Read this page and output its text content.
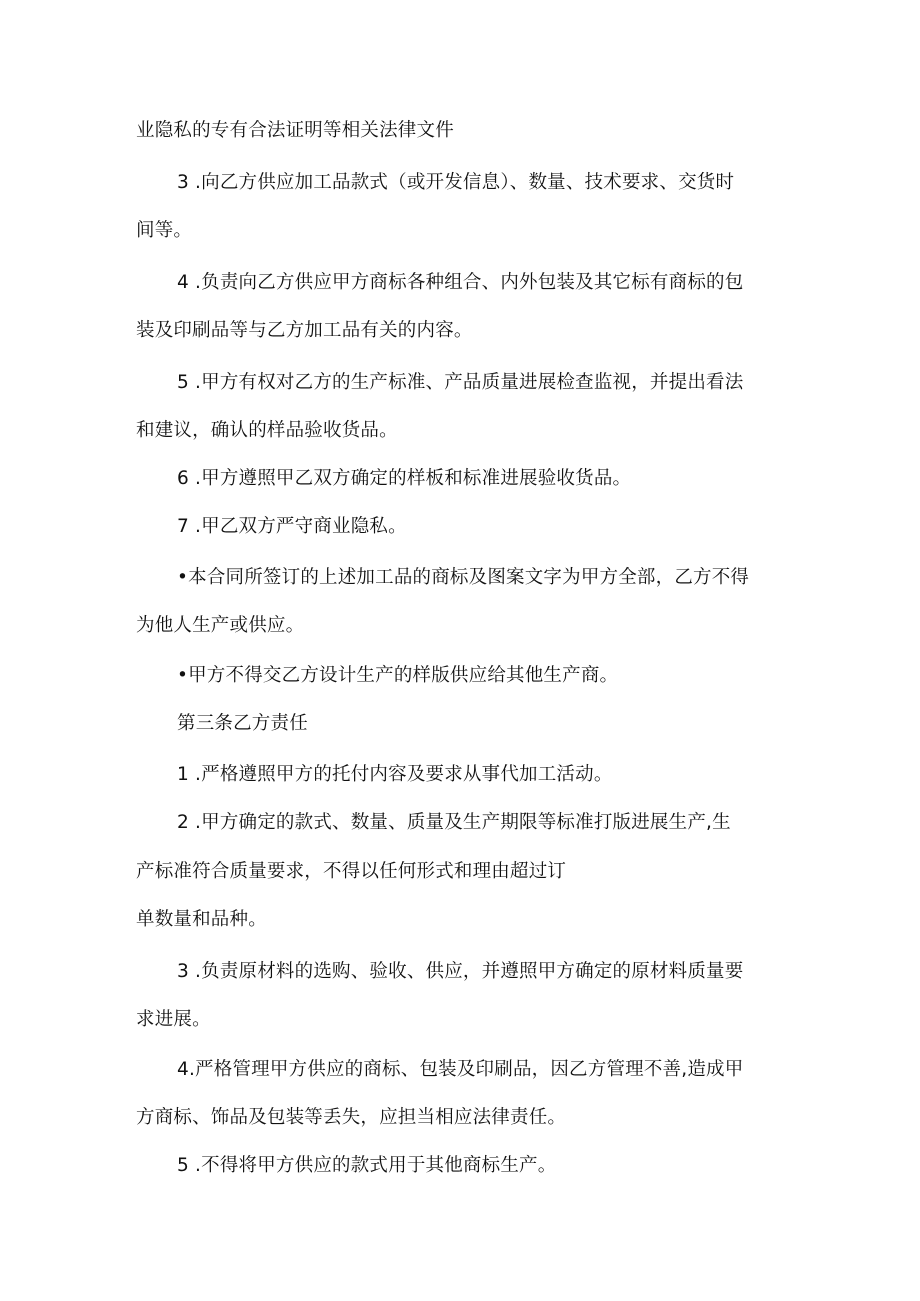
业隐私的专有合法证明等相关法律文件
3 .向乙方供应加工品款式（或开发信息）、数量、技术要求、交货时
间等。
4 .负责向乙方供应甲方商标各种组合、内外包装及其它标有商标的包
装及印刷品等与乙方加工品有关的内容。
5 .甲方有权对乙方的生产标准、产品质量进展检查监视，并提出看法
和建议，确认的样品验收货品。
6 .甲方遵照甲乙双方确定的样板和标准进展验收货品。
7 .甲乙双方严守商业隐私。
•本合同所签订的上述加工品的商标及图案文字为甲方全部，乙方不得
为他人生产或供应。
•甲方不得交乙方设计生产的样版供应给其他生产商。
第三条乙方责任
1 .严格遵照甲方的托付内容及要求从事代加工活动。
2 .甲方确定的款式、数量、质量及生产期限等标准打版进展生产,生
产标准符合质量要求，不得以任何形式和理由超过订
单数量和品种。
3 .负责原材料的选购、验收、供应，并遵照甲方确定的原材料质量要
求进展。
4.严格管理甲方供应的商标、包装及印刷品，因乙方管理不善,造成甲
方商标、饰品及包装等丢失，应担当相应法律责任。
5 .不得将甲方供应的款式用于其他商标生产。
